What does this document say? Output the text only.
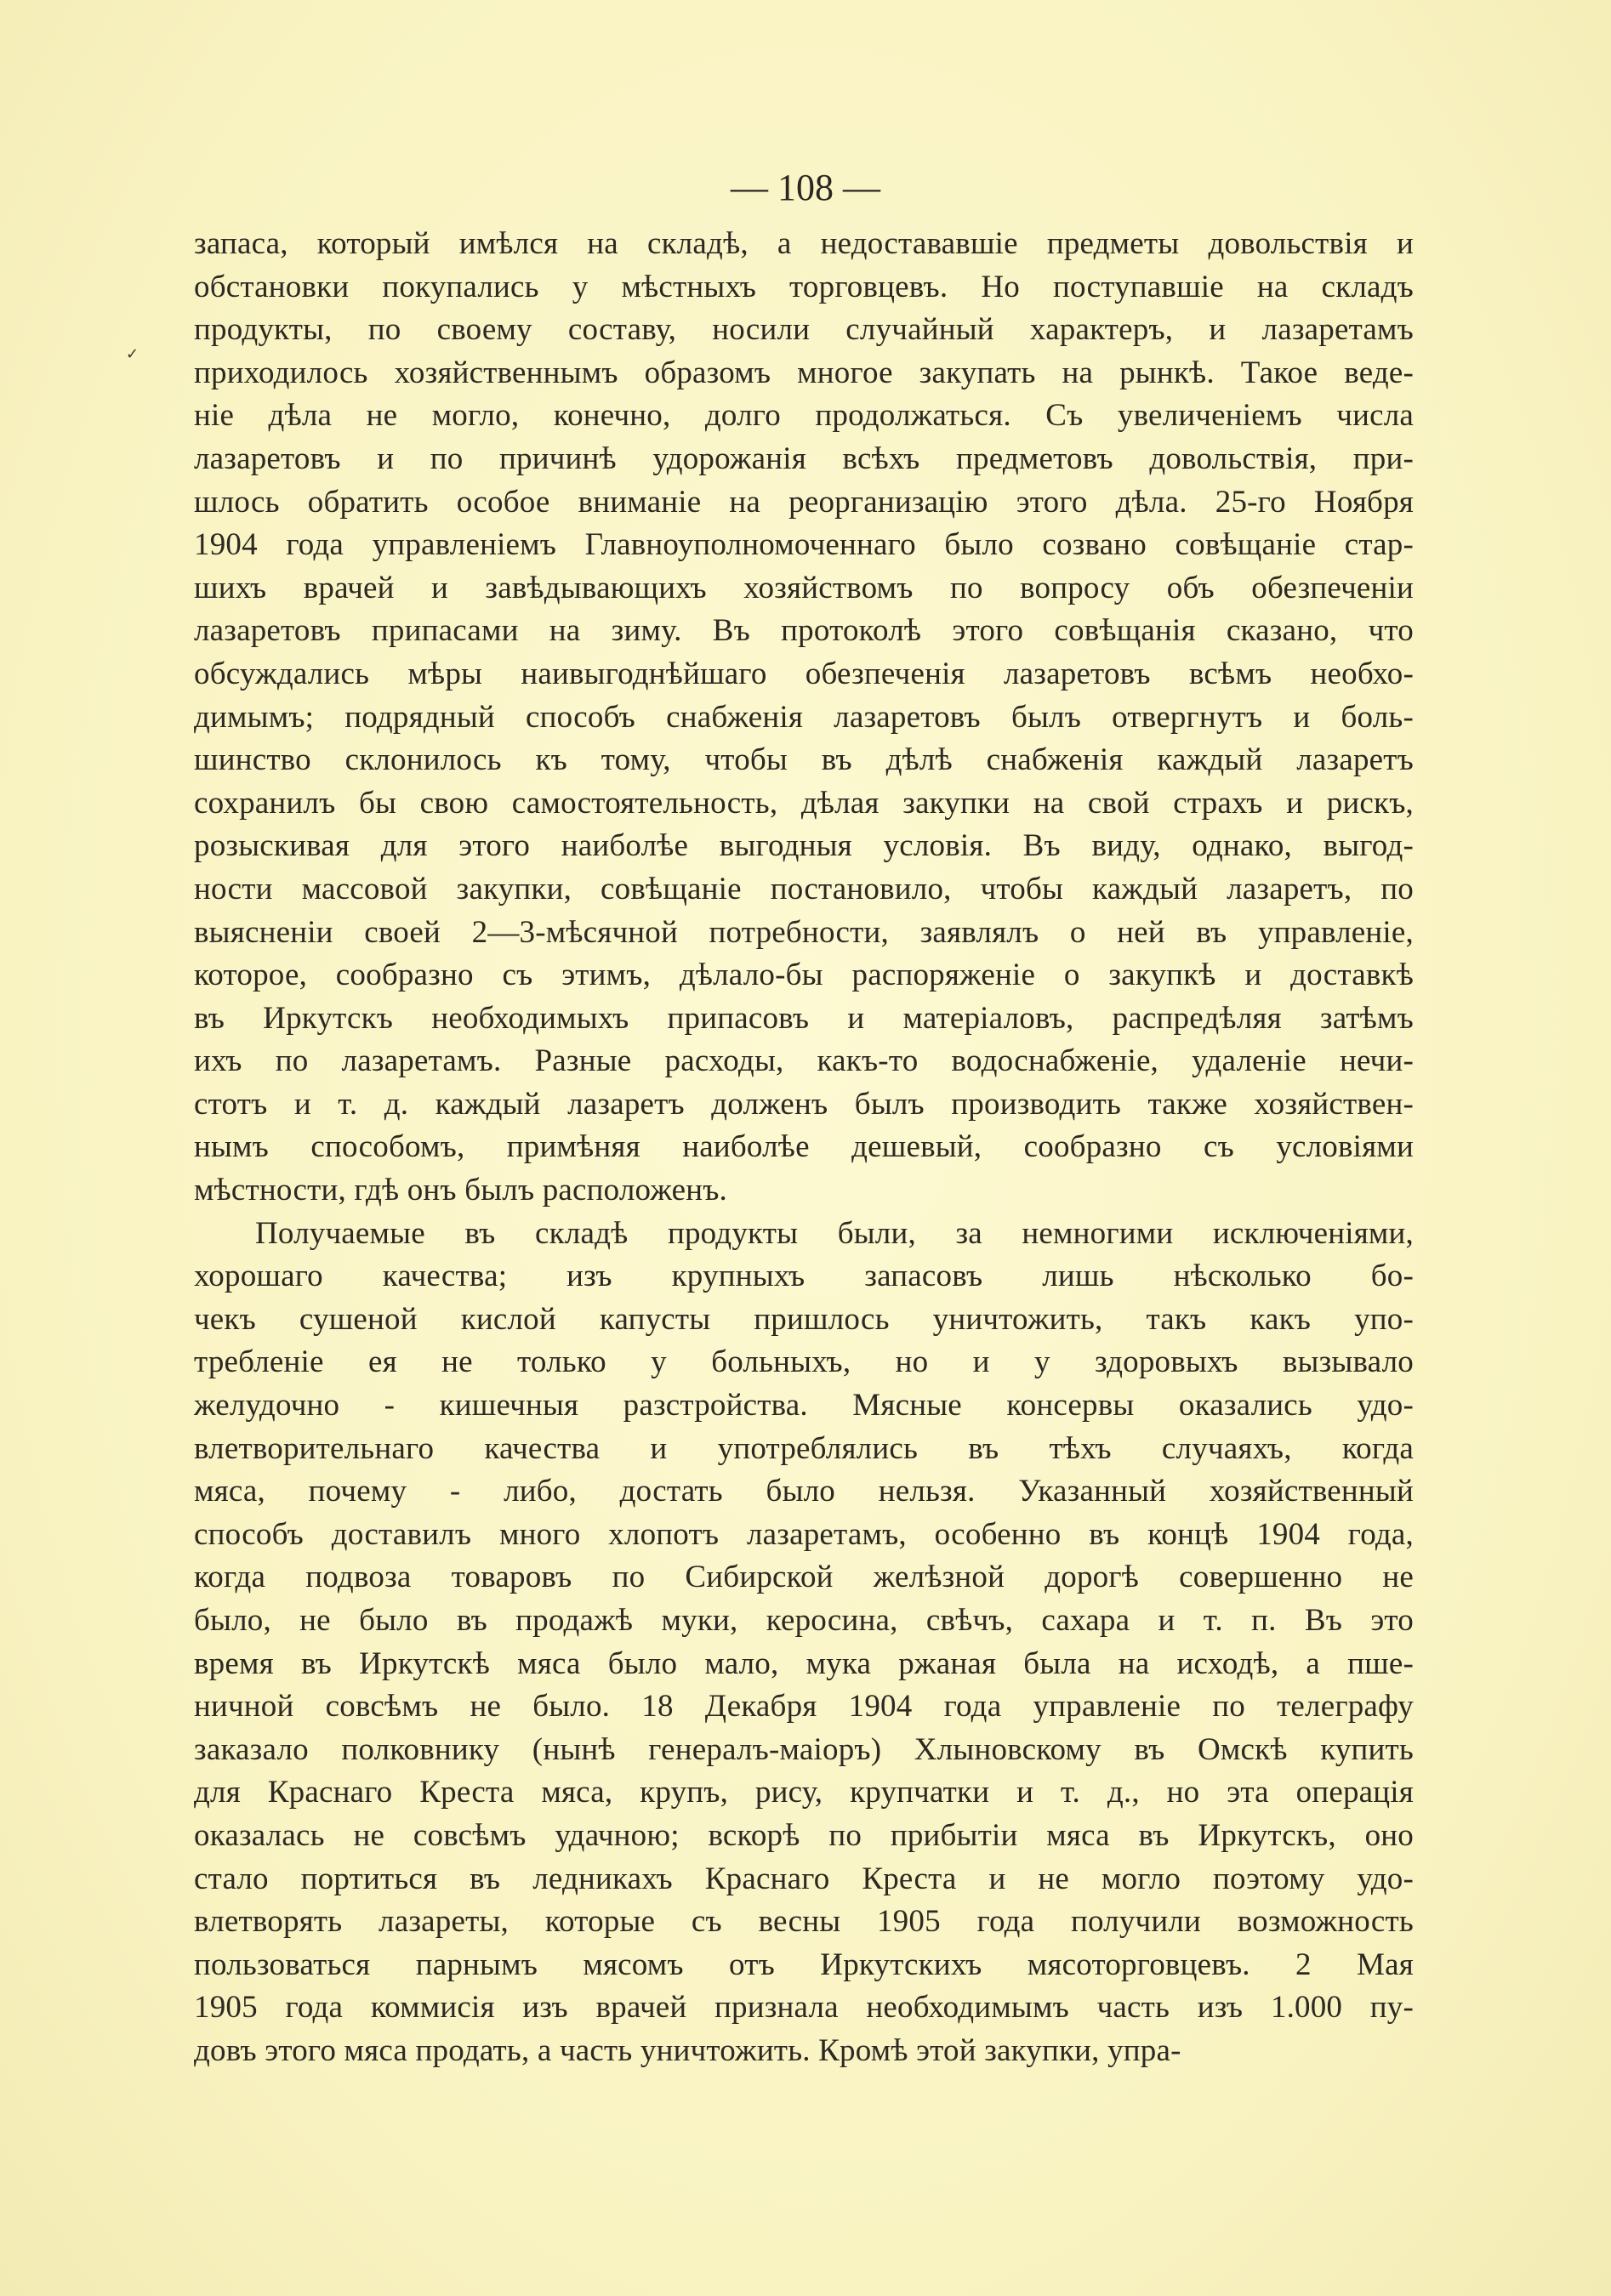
— 108 —
✓
запаса, который имѣлся на складѣ, а недостававшіе предметы довольствія и
обстановки покупались у мѣстныхъ торговцевъ. Но поступавшіе на складъ
продукты, по своему составу, носили случайный характеръ, и лазаретамъ
приходилось хозяйственнымъ образомъ многое закупать на рынкѣ. Такое веде-
ніе дѣла не могло, конечно, долго продолжаться. Съ увеличеніемъ числа
лазаретовъ и по причинѣ удорожанія всѣхъ предметовъ довольствія, при-
шлось обратить особое вниманіе на реорганизацію этого дѣла. 25-го Ноября
1904 года управленіемъ Главноуполномоченнаго было созвано совѣщаніе стар-
шихъ врачей и завѣдывающихъ хозяйствомъ по вопросу объ обезпеченіи
лазаретовъ припасами на зиму. Въ протоколѣ этого совѣщанія сказано, что
обсуждались мѣры наивыгоднѣйшаго обезпеченія лазаретовъ всѣмъ необхо-
димымъ; подрядный способъ снабженія лазаретовъ былъ отвергнутъ и боль-
шинство склонилось къ тому, чтобы въ дѣлѣ снабженія каждый лазаретъ
сохранилъ бы свою самостоятельность, дѣлая закупки на свой страхъ и рискъ,
розыскивая для этого наиболѣе выгодныя условія. Въ виду, однако, выгод-
ности массовой закупки, совѣщаніе постановило, чтобы каждый лазаретъ, по
выясненіи своей 2—3-мѣсячной потребности, заявлялъ о ней въ управленіе,
которое, сообразно съ этимъ, дѣлало-бы распоряженіе о закупкѣ и доставкѣ
въ Иркутскъ необходимыхъ припасовъ и матеріаловъ, распредѣляя затѣмъ
ихъ по лазаретамъ. Разные расходы, какъ-то водоснабженіе, удаленіе нечи-
стотъ и т. д. каждый лазаретъ долженъ былъ производить также хозяйствен-
нымъ способомъ, примѣняя наиболѣе дешевый, сообразно съ условіями
мѣстности, гдѣ онъ былъ расположенъ.
Получаемые въ складѣ продукты были, за немногими исключеніями,
хорошаго качества; изъ крупныхъ запасовъ лишь нѣсколько бо-
чекъ сушеной кислой капусты пришлось уничтожить, такъ какъ упо-
требленіе ея не только у больныхъ, но и у здоровыхъ вызывало
желудочно - кишечныя разстройства. Мясные консервы оказались удо-
влетворительнаго качества и употреблялись въ тѣхъ случаяхъ, когда
мяса, почему - либо, достать было нельзя. Указанный хозяйственный
способъ доставилъ много хлопотъ лазаретамъ, особенно въ концѣ 1904 года,
когда подвоза товаровъ по Сибирской желѣзной дорогѣ совершенно не
было, не было въ продажѣ муки, керосина, свѣчъ, сахара и т. п. Въ это
время въ Иркутскѣ мяса было мало, мука ржаная была на исходѣ, а пше-
ничной совсѣмъ не было. 18 Декабря 1904 года управленіе по телеграфу
заказало полковнику (нынѣ генералъ-маіоръ) Хлыновскому въ Омскѣ купить
для Краснаго Креста мяса, крупъ, рису, крупчатки и т. д., но эта операція
оказалась не совсѣмъ удачною; вскорѣ по прибытіи мяса въ Иркутскъ, оно
стало портиться въ ледникахъ Краснаго Креста и не могло поэтому удо-
влетворять лазареты, которые съ весны 1905 года получили возможность
пользоваться парнымъ мясомъ отъ Иркутскихъ мясоторговцевъ. 2 Мая
1905 года коммисія изъ врачей признала необходимымъ часть изъ 1.000 пу-
довъ этого мяса продать, а часть уничтожить. Кромѣ этой закупки, упра-
